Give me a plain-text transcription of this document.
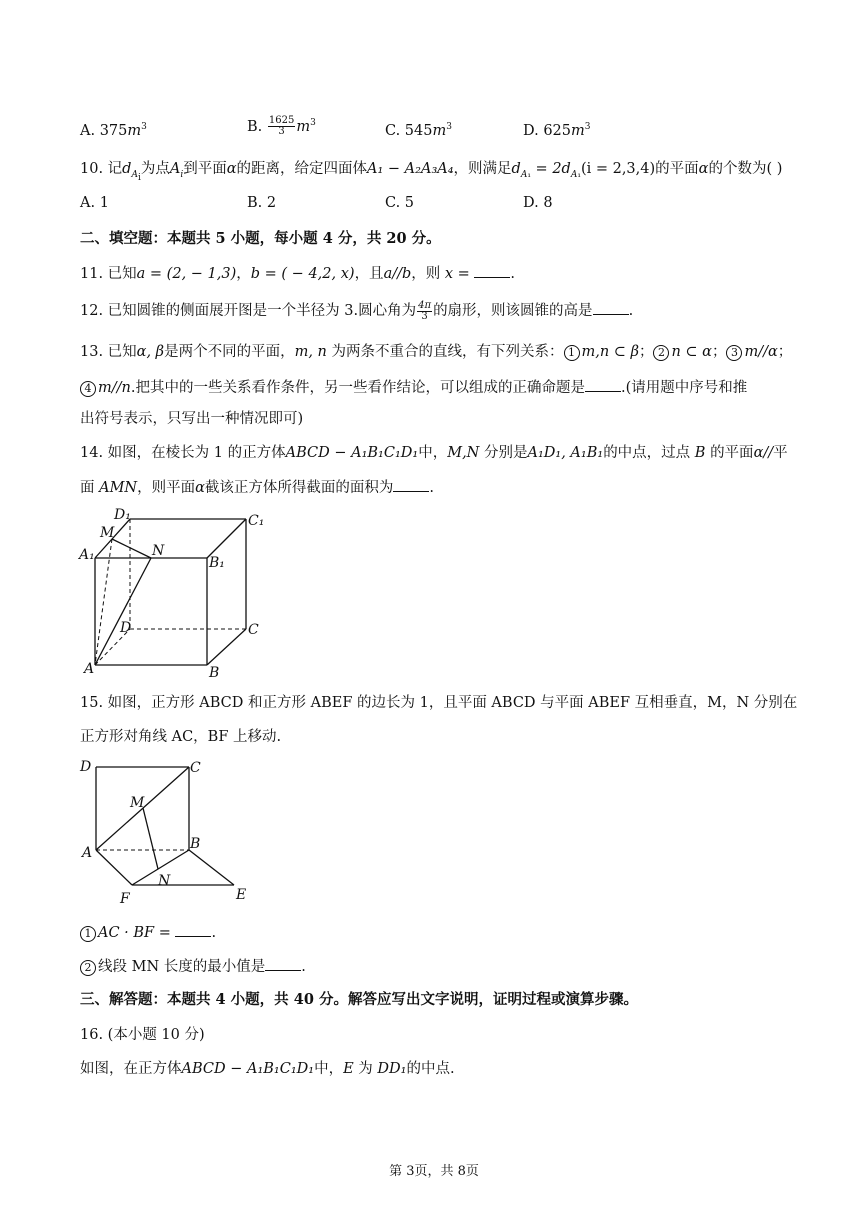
A. $375m^3$	B. $\frac{1625}{3} m^3$	C. $545m^3$	D. $625m^3$
10. 记$d_{A_i}$为点$A_i$到平面α的距离，给定四面体A₁ − A₂A₃A₄，则满足$d_{A_1} = 2d_{A_1}(i = 2,3,4)$的平面α的个数为( )
A. 1	B. 2	C. 5	D. 8
二、填空题：本题共 5 小题，每小题 4 分，共 20 分。
11. 已知a = (2, − 1,3)，b = ( − 4,2, x)，且a//b，则 x = .
12. 已知圆锥的侧面展开图是一个半径为 3.圆心角为 $\frac{4\pi}{3}$ 的扇形，则该圆锥的高是 .
13. 已知α, β是两个不同的平面，m, n 为两条不重合的直线，有下列关系： 1 m,n ⊂ β； 2 n ⊂ α； 3 m//α；
4 m//n.把其中的一些关系看作条件，另一些看作结论，可以组成的正确命题是 .(请用题中序号和推
出符号表示，只写出一种情况即可)
14. 如图，在棱长为 1 的正方体ABCD − A₁B₁C₁D₁中，M,N 分别是A₁D₁, A₁B₁的中点，过点 B 的平面α//平
面 AMN，则平面α截该正方体所得截面的面积为 .
D₁	C₁
M
A₁	N
B₁
D	C
A	B
15. 如图，正方形 ABCD 和正方形 ABEF 的边长为 1，且平面 ABCD 与平面 ABEF 互相垂直，M，N 分别在
正方形对角线 AC，BF 上移动.
D	C
M
A
B
N
F	E
1 AC · BF = .
2 线段 MN 长度的最小值是 .
三、解答题：本题共 4 小题，共 40 分。解答应写出文字说明，证明过程或演算步骤。
16. (本小题 10 分)
如图，在正方体ABCD − A₁B₁C₁D₁中，E 为 DD₁的中点.
第 3页，共 8页
